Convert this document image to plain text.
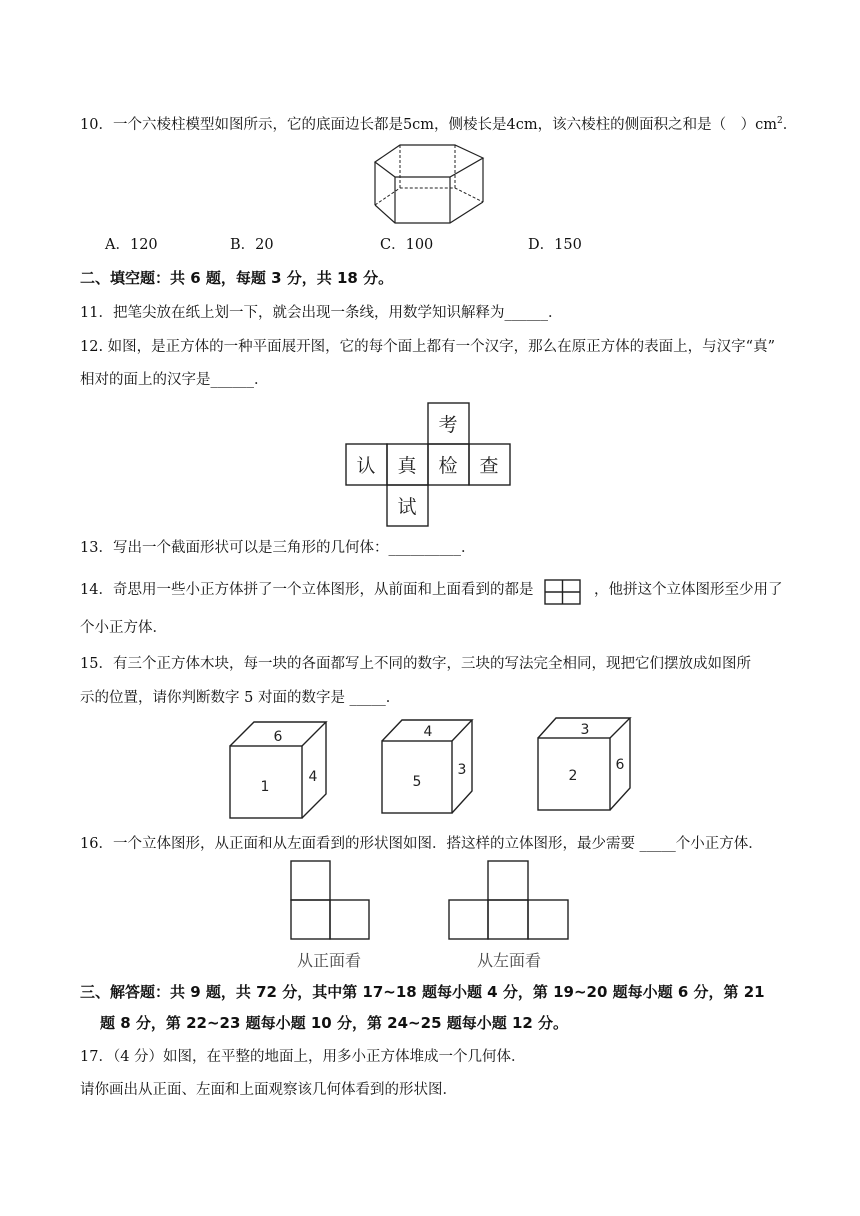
10．一个六棱柱模型如图所示，它的底面边长都是5cm，侧棱长是4cm，该六棱柱的侧面积之和是（　）$cm^2$．
A．120	B．20	C．100	D．150
二、填空题：共 6 题，每题 3 分，共 18 分。
11．把笔尖放在纸上划一下，就会出现一条线，用数学知识解释为______．
12. 如图，是正方体的一种平面展开图，它的每个面上都有一个汉字，那么在原正方体的表面上，与汉字“真”
相对的面上的汉字是______．
考
认 真 检 查
试
13．写出一个截面形状可以是三角形的几何体：__________．
14．奇思用一些小正方体拼了一个立体图形，从前面和上面看到的都是	，他拼这个立体图形至少用了
个小正方体．
15．有三个正方体木块，每一块的各面都写上不同的数字，三块的写法完全相同，现把它们摆放成如图所
示的位置，请你判断数字 5 对面的数字是 _____．
6
1
4
4
5
3
3
2
6
16．一个立体图形，从正面和从左面看到的形状图如图．搭这样的立体图形，最少需要 _____个小正方体．
从正面看	从左面看
三、解答题：共 9 题，共 72 分，其中第 17~18 题每小题 4 分，第 19~20 题每小题 6 分，第 21
题 8 分，第 22~23 题每小题 10 分，第 24~25 题每小题 12 分。
17．（4 分）如图，在平整的地面上，用多小正方体堆成一个几何体．
请你画出从正面、左面和上面观察该几何体看到的形状图．
